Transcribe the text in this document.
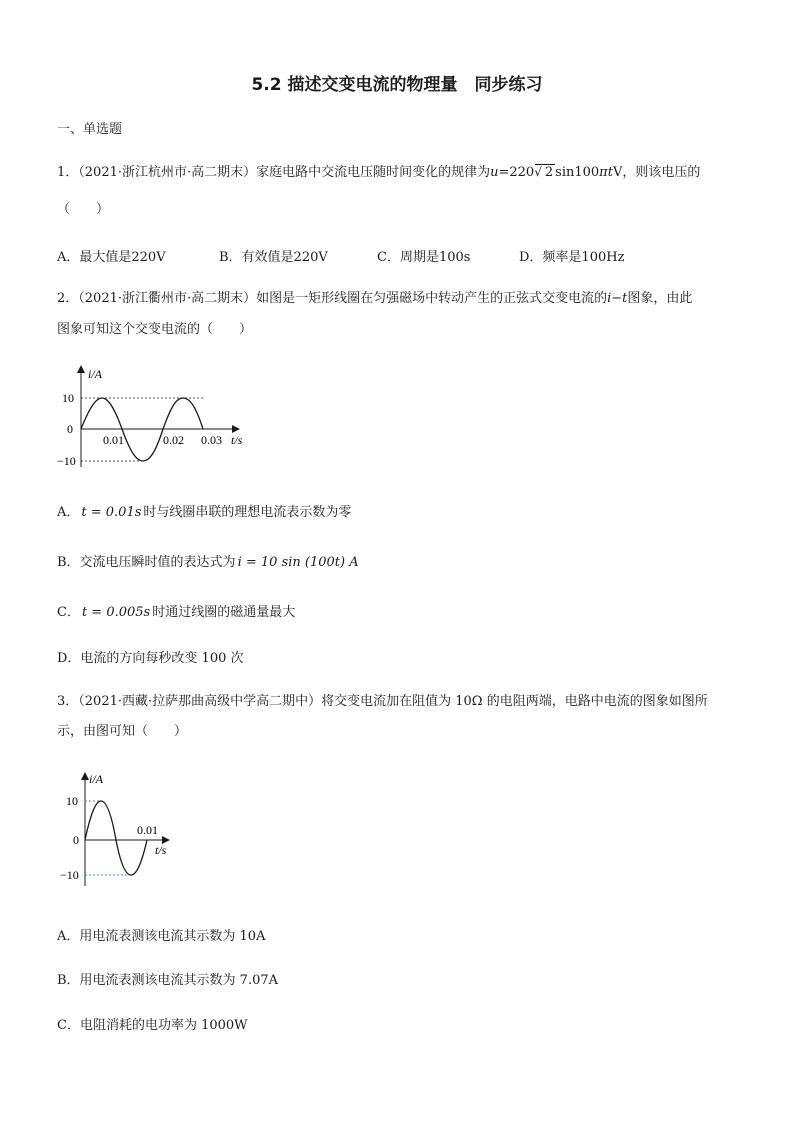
5.2 描述交变电流的物理量　同步练习
一、单选题
1．（2021·浙江杭州市·高二期末）家庭电路中交流电压随时间变化的规律为u=220√ 2 sin100πtV，则该电压的
（　　）
A．最大值是220V	B．有效值是220V	C．周期是100s	D．频率是100Hz
2．（2021·浙江衢州市·高二期末）如图是一矩形线圈在匀强磁场中转动产生的正弦式交变电流的i−t图象，由此
图象可知这个交变电流的（　　）
i/A
10
0
−10
0.01	0.02 0.03 t/s
A． t = 0.01s 时与线圈串联的理想电流表示数为零
B．交流电压瞬时值的表达式为 i = 10 sin (100t) A
C． t = 0.005s 时通过线圈的磁通量最大
D．电流的方向每秒改变 100 次
3．（2021·西藏·拉萨那曲高级中学高二期中）将交变电流加在阻值为 10Ω 的电阻两端，电路中电流的图象如图所
示，由图可知（　　）
i/A
10
0
−10
0.01
t/s
A．用电流表测该电流其示数为 10A
B．用电流表测该电流其示数为 7.07A
C．电阻消耗的电功率为 1000W
